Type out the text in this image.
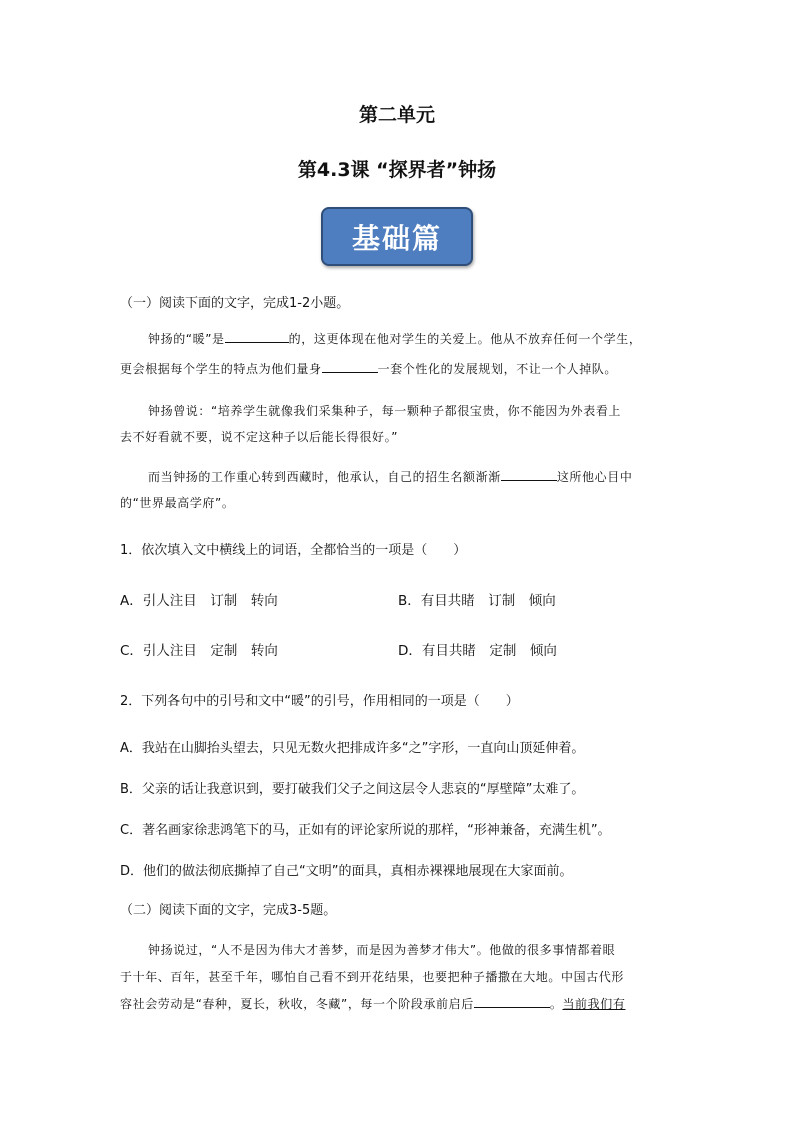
第二单元
第4.3课 “探界者”钟扬
基础篇
（一）阅读下面的文字，完成1-2小题。
钟扬的“暖”是	的，这更体现在他对学生的关爱上。他从不放弃任何一个学生，
更会根据每个学生的特点为他们量身	一套个性化的发展规划，不让一个人掉队。
钟扬曾说：“培养学生就像我们采集种子，每一颗种子都很宝贵，你不能因为外表看上
去不好看就不要，说不定这种子以后能长得很好。”
而当钟扬的工作重心转到西藏时，他承认，自己的招生名额渐渐	这所他心目中
的“世界最高学府”。
1．依次填入文中横线上的词语，全都恰当的一项是（　　）
A．引人注目　订制　转向	B．有目共睹　订制　倾向
C．引人注目　定制　转向	D．有目共睹　定制　倾向
2．下列各句中的引号和文中“暖”的引号，作用相同的一项是（　　）
A．我站在山脚抬头望去，只见无数火把排成许多“之”字形，一直向山顶延伸着。
B．父亲的话让我意识到，要打破我们父子之间这层令人悲哀的“厚壁障”太难了。
C．著名画家徐悲鸿笔下的马，正如有的评论家所说的那样，“形神兼备，充满生机”。
D．他们的做法彻底撕掉了自己“文明”的面具，真相赤裸裸地展现在大家面前。
（二）阅读下面的文字，完成3-5题。
钟扬说过，“人不是因为伟大才善梦，而是因为善梦才伟大”。他做的很多事情都着眼
于十年、百年，甚至千年，哪怕自己看不到开花结果，也要把种子播撒在大地。中国古代形
容社会劳动是“春种，夏长，秋收，冬藏”，每一个阶段承前启后	。当前我们有
